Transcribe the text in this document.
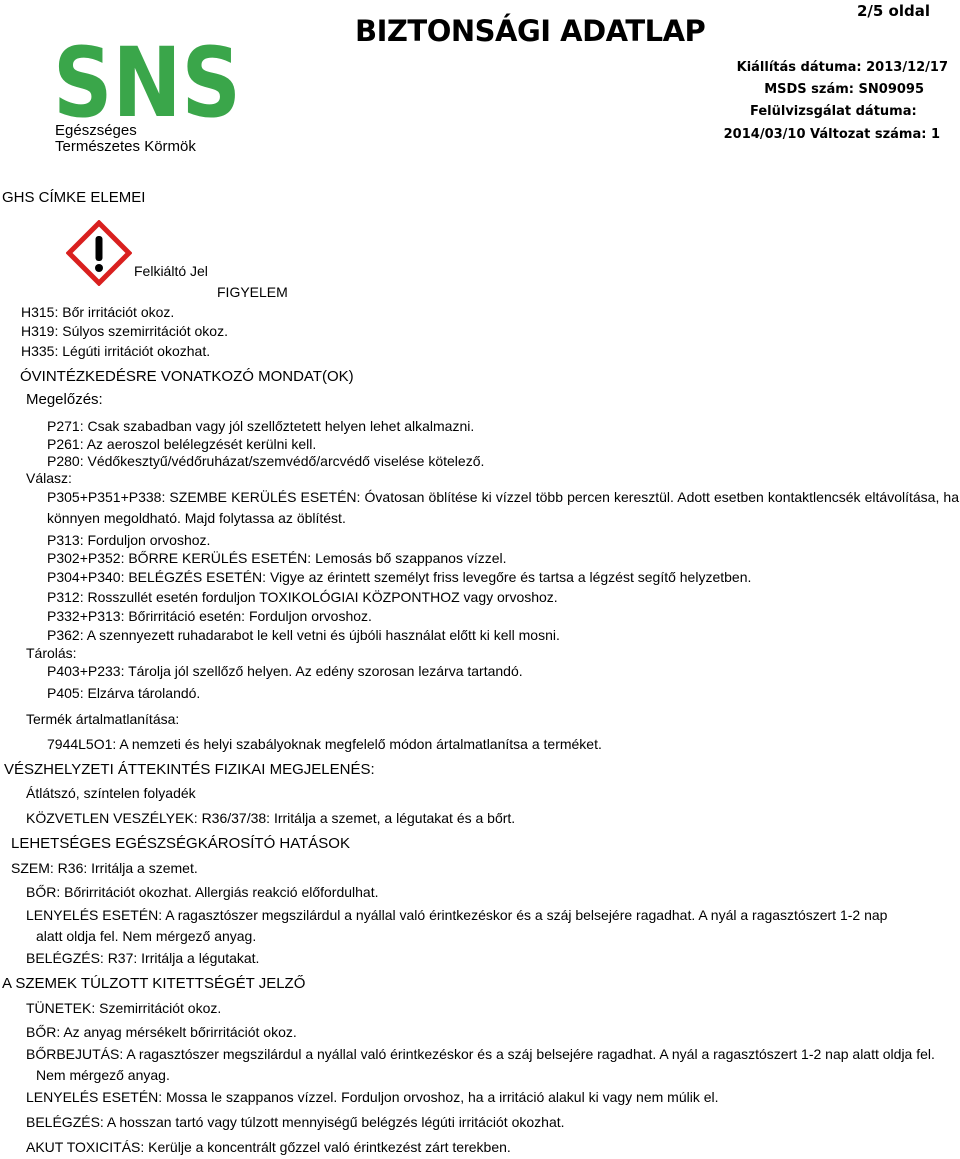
SNS
Egészséges
Természetes Körmök
BIZTONSÁGI ADATLAP
2/5 oldal
Kiállítás dátuma: 2013/12/17
MSDS szám: SN09095
Felülvizsgálat dátuma:
2014/03/10 Változat száma: 1
GHS CÍMKE ELEMEI
Felkiáltó Jel
FIGYELEM
H315: Bőr irritációt okoz.
H319: Súlyos szemirritációt okoz.
H335: Légúti irritációt okozhat.
ÓVINTÉZKEDÉSRE VONATKOZÓ MONDAT(OK)
Megelőzés:
P271: Csak szabadban vagy jól szellőztetett helyen lehet alkalmazni.
P261: Az aeroszol belélegzését kerülni kell.
P280: Védőkesztyű/védőruházat/szemvédő/arcvédő viselése kötelező.
Válasz:
P305+P351+P338: SZEMBE KERÜLÉS ESETÉN: Óvatosan öblítése ki vízzel több percen keresztül. Adott esetben kontaktlencsék eltávolítása, ha könnyen megoldható. Majd folytassa az öblítést.
P313: Forduljon orvoshoz.
P302+P352: BŐRRE KERÜLÉS ESETÉN: Lemosás bő szappanos vízzel.
P304+P340: BELÉGZÉS ESETÉN: Vigye az érintett személyt friss levegőre és tartsa a légzést segítő helyzetben.
P312: Rosszullét esetén forduljon TOXIKOLÓGIAI KÖZPONTHOZ vagy orvoshoz.
P332+P313: Bőrirritáció esetén: Forduljon orvoshoz.
P362: A szennyezett ruhadarabot le kell vetni és újbóli használat előtt ki kell mosni.
Tárolás:
P403+P233: Tárolja jól szellőző helyen. Az edény szorosan lezárva tartandó.
P405: Elzárva tárolandó.
Termék ártalmatlanítása:
7944L5O1: A nemzeti és helyi szabályoknak megfelelő módon ártalmatlanítsa a terméket.
VÉSZHELYZETI ÁTTEKINTÉS FIZIKAI MEGJELENÉS:
Átlátszó, színtelen folyadék
KÖZVETLEN VESZÉLYEK: R36/37/38: Irritálja a szemet, a légutakat és a bőrt.
LEHETSÉGES EGÉSZSÉGKÁROSÍTÓ HATÁSOK
SZEM: R36: Irritálja a szemet.
BŐR: Bőrirritációt okozhat. Allergiás reakció előfordulhat.
LENYELÉS ESETÉN: A ragasztószer megszilárdul a nyállal való érintkezéskor és a száj belsejére ragadhat. A nyál a ragasztószert 1-2 nap alatt oldja fel. Nem mérgező anyag.
BELÉGZÉS: R37: Irritálja a légutakat.
A SZEMEK TÚLZOTT KITETTSÉGÉT JELZŐ
TÜNETEK: Szemirritációt okoz.
BŐR: Az anyag mérsékelt bőrirritációt okoz.
BŐRBEJUTÁS: A ragasztószer megszilárdul a nyállal való érintkezéskor és a száj belsejére ragadhat. A nyál a ragasztószert 1-2 nap alatt oldja fel. Nem mérgező anyag.
LENYELÉS ESETÉN: Mossa le szappanos vízzel. Forduljon orvoshoz, ha a irritáció alakul ki vagy nem múlik el.
BELÉGZÉS: A hosszan tartó vagy túlzott mennyiségű belégzés légúti irritációt okozhat.
AKUT TOXICITÁS: Kerülje a koncentrált gőzzel való érintkezést zárt terekben.
